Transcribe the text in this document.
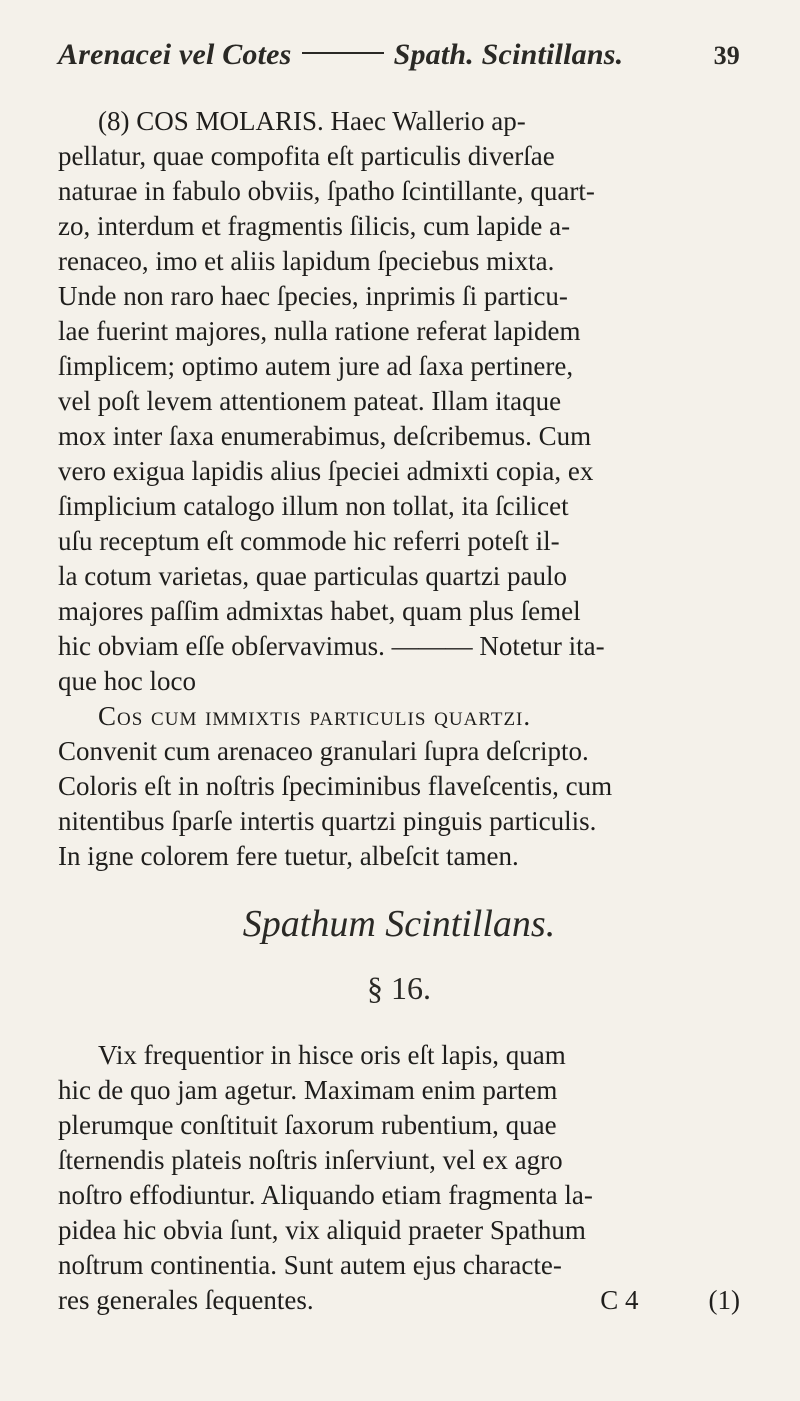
Arenacei vel Cotes	Spath. Scintillans.	39

(8) COS MOLARIS. Haec Wallerio ap-
pellatur, quae compofita eſt particulis diverſae
naturae in fabulo obviis, ſpatho ſcintillante, quart-
zo, interdum et fragmentis ſilicis, cum lapide a-
renaceo, imo et aliis lapidum ſpeciebus mixta.
Unde non raro haec ſpecies, inprimis ſi particu-
lae fuerint majores, nulla ratione referat lapidem
ſimplicem; optimo autem jure ad ſaxa pertinere,
vel poſt levem attentionem pateat. Illam itaque
mox inter ſaxa enumerabimus, deſcribemus. Cum
vero exigua lapidis alius ſpeciei admixti copia, ex
ſimplicium catalogo illum non tollat, ita ſcilicet
uſu receptum eſt commode hic referri poteſt il-
la cotum varietas, quae particulas quartzi paulo
majores paſſim admixtas habet, quam plus ſemel
hic obviam eſſe obſervavimus. ——— Notetur ita-
que hoc loco

Cos cum immixtis particulis quartzi.
Convenit cum arenaceo granulari ſupra deſcripto.
Coloris eſt in noſtris ſpeciminibus flaveſcentis, cum
nitentibus ſparſe intertis quartzi pinguis particulis.
In igne colorem fere tuetur, albeſcit tamen.

Spathum Scintillans.
§ 16.

Vix frequentior in hisce oris eſt lapis, quam
hic de quo jam agetur. Maximam enim partem
plerumque conſtituit ſaxorum rubentium, quae
ſternendis plateis noſtris inſerviunt, vel ex agro
noſtro effodiuntur. Aliquando etiam fragmenta la-
pidea hic obvia ſunt, vix aliquid praeter Spathum
noſtrum continentia. Sunt autem ejus characte-

res generales ſequentes.	C 4	(1)
